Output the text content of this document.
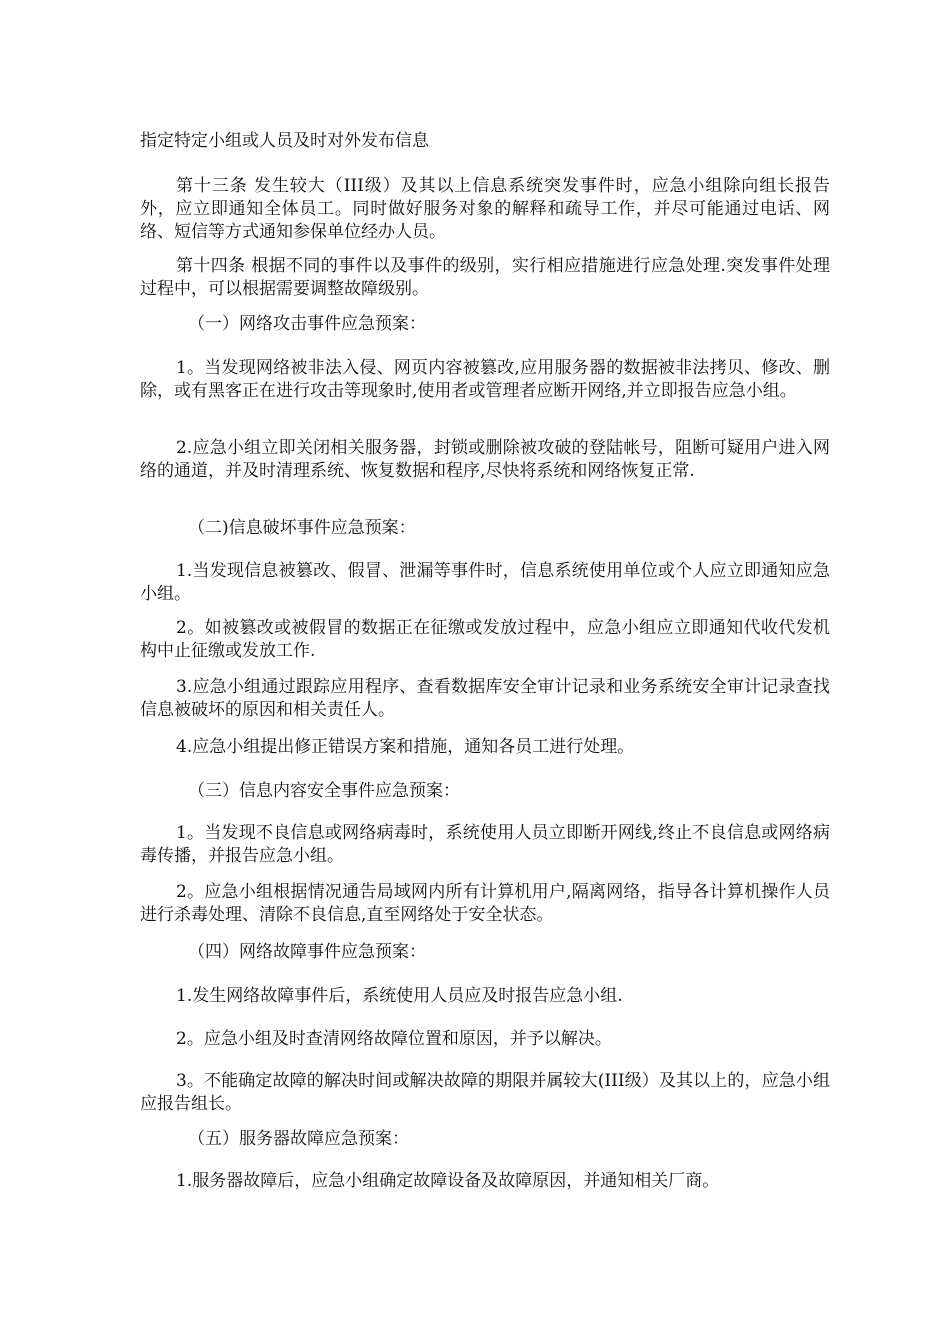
指定特定小组或人员及时对外发布信息

第十三条 发生较大（III级）及其以上信息系统突发事件时，应急小组除向组长报告外，应立即通知全体员工。同时做好服务对象的解释和疏导工作，并尽可能通过电话、网络、短信等方式通知参保单位经办人员。

第十四条 根据不同的事件以及事件的级别，实行相应措施进行应急处理.突发事件处理过程中，可以根据需要调整故障级别。

（一）网络攻击事件应急预案：

1。当发现网络被非法入侵、网页内容被篡改,应用服务器的数据被非法拷贝、修改、删除，或有黑客正在进行攻击等现象时,使用者或管理者应断开网络,并立即报告应急小组。

2.应急小组立即关闭相关服务器，封锁或删除被攻破的登陆帐号，阻断可疑用户进入网络的通道，并及时清理系统、恢复数据和程序,尽快将系统和网络恢复正常.

（二)信息破坏事件应急预案：

1.当发现信息被篡改、假冒、泄漏等事件时，信息系统使用单位或个人应立即通知应急小组。

2。如被篡改或被假冒的数据正在征缴或发放过程中，应急小组应立即通知代收代发机构中止征缴或发放工作.

3.应急小组通过跟踪应用程序、查看数据库安全审计记录和业务系统安全审计记录查找信息被破坏的原因和相关责任人。

4.应急小组提出修正错误方案和措施，通知各员工进行处理。

（三）信息内容安全事件应急预案：

1。当发现不良信息或网络病毒时，系统使用人员立即断开网线,终止不良信息或网络病毒传播，并报告应急小组。

2。应急小组根据情况通告局域网内所有计算机用户,隔离网络，指导各计算机操作人员进行杀毒处理、清除不良信息,直至网络处于安全状态。

（四）网络故障事件应急预案：

1.发生网络故障事件后，系统使用人员应及时报告应急小组.

2。应急小组及时查清网络故障位置和原因，并予以解决。

3。不能确定故障的解决时间或解决故障的期限并属较大(III级）及其以上的，应急小组应报告组长。

（五）服务器故障应急预案：

1.服务器故障后，应急小组确定故障设备及故障原因，并通知相关厂商。
